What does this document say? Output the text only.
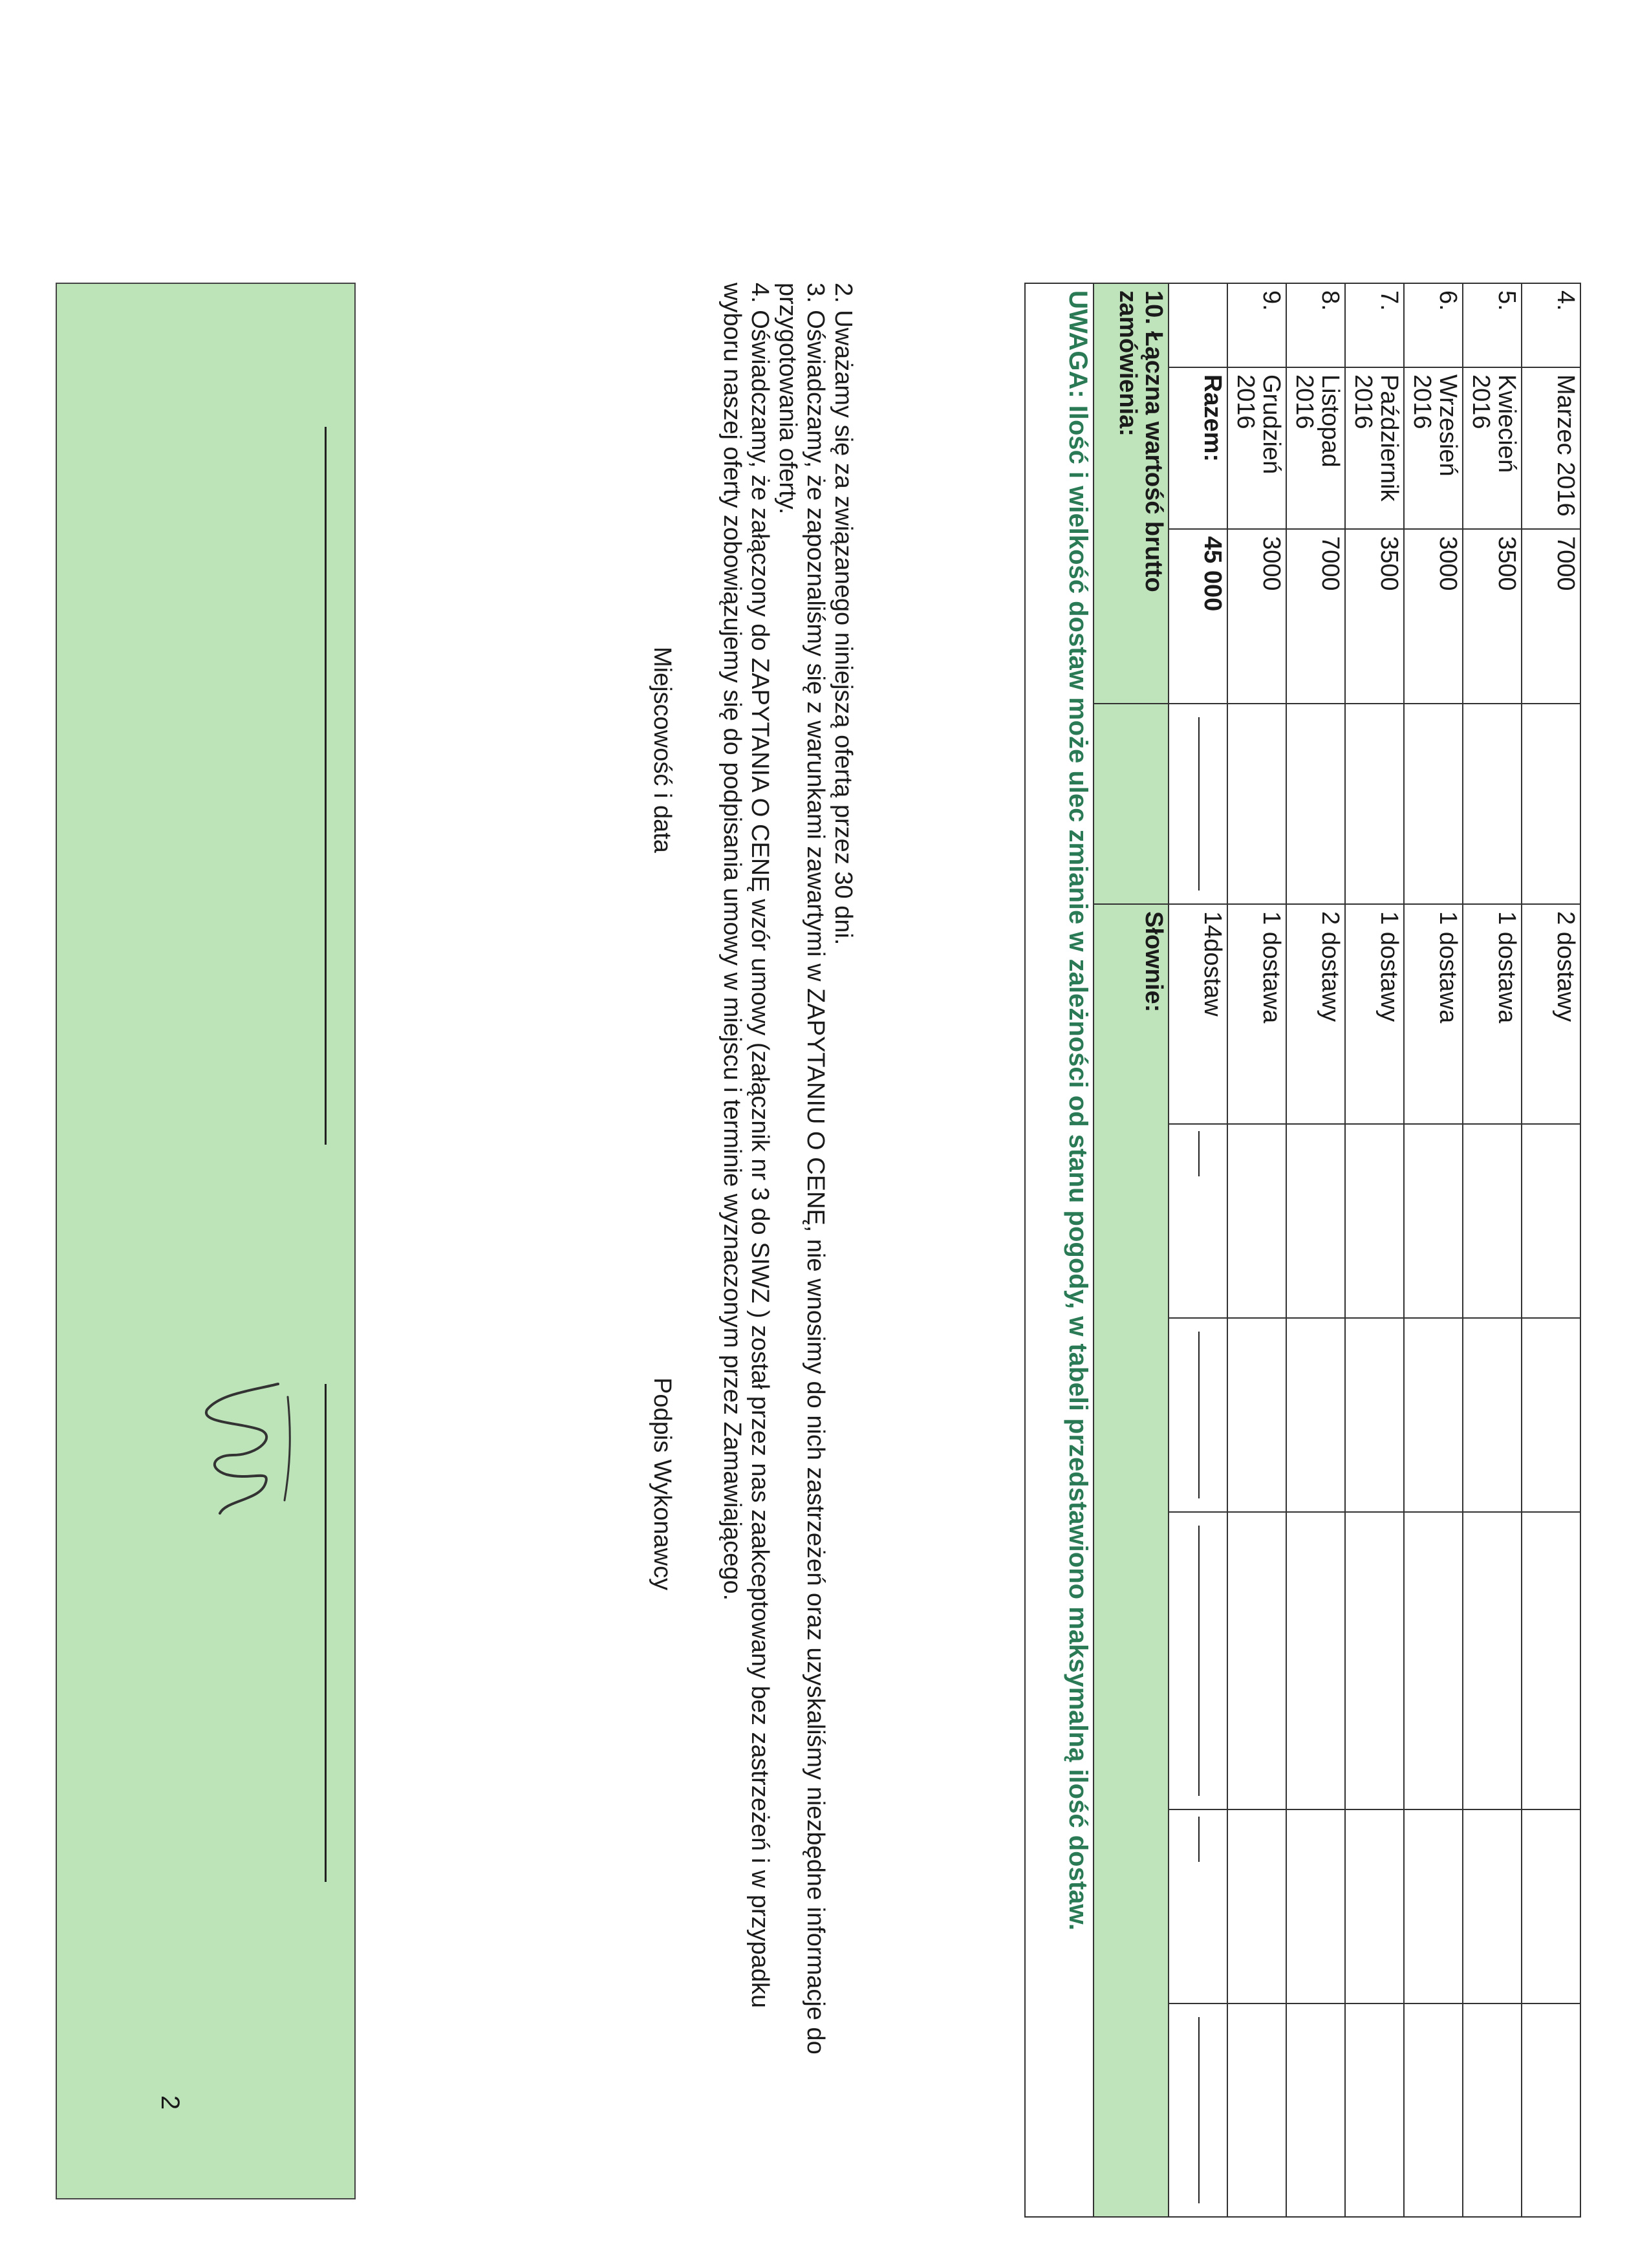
4.	Marzec 2016	7000		2 dostawy					
5.	Kwiecień 2016	3500		1 dostawa					
6.	Wrzesień 2016	3000		1 dostawa					
7.	Październik 2016	3500		1 dostawy					
8.	Listopad 2016	7000		2 dostawy					
9.	Grudzień 2016	3000		1 dostawa					
	Razem:	45 000		14dostaw	

10. Łączna wartość brutto zamówienia:				Słownie:					
UWAGA: Ilość i wielkość dostaw może ulec zmianie w zależności od stanu pogody, w tabeli przedstawiono maksymalną ilość dostaw.									

2. Uważamy się za związanego niniejszą ofertą przez 30 dni.

3. Oświadczamy, że zapoznaliśmy się z warunkami zawartymi w ZAPYTANIU O CENĘ, nie wnosimy do nich zastrzeżeń oraz uzyskaliśmy niezbędne informacje do przygotowania oferty.

4. Oświadczamy, że załączony do ZAPYTANIA O CENĘ wzór umowy (załącznik nr 3 do SIWZ ) został przez nas zaakceptowany bez zastrzeżeń i w przypadku wyboru naszej oferty zobowiązujemy się do podpisania umowy w miejscu i terminie wyznaczonym przez Zamawiającego.

Miejscowość i data
Podpis Wykonawcy
2
